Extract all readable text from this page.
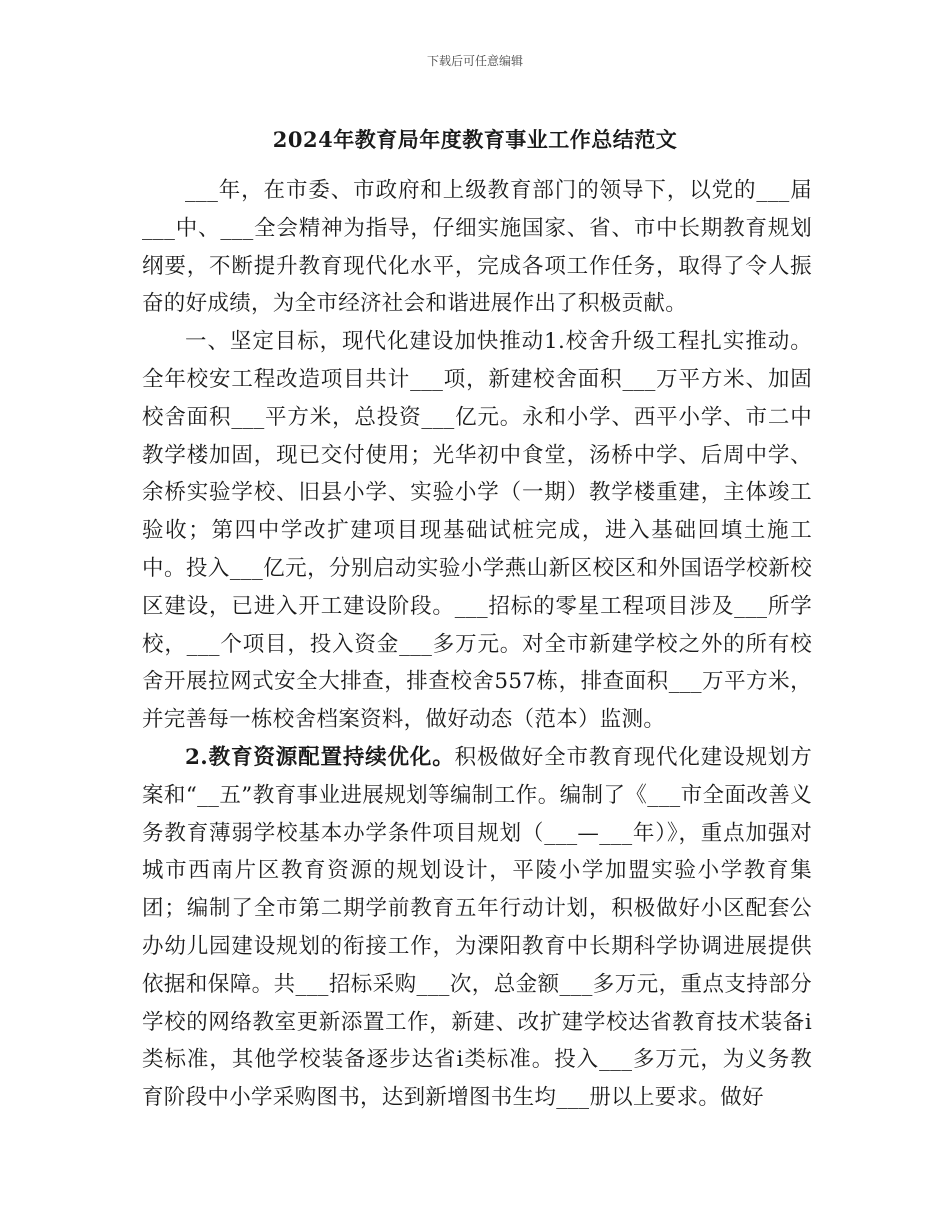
下载后可任意编辑
2024年教育局年度教育事业工作总结范文

___年，在市委、市政府和上级教育部门的领导下，以党的___届___中、___全会精神为指导，仔细实施国家、省、市中长期教育规划纲要，不断提升教育现代化水平，完成各项工作任务，取得了令人振奋的好成绩，为全市经济社会和谐进展作出了积极贡献。

一、坚定目标，现代化建设加快推动1.校舍升级工程扎实推动。全年校安工程改造项目共计___项，新建校舍面积___万平方米、加固校舍面积___平方米，总投资___亿元。永和小学、西平小学、市二中教学楼加固，现已交付使用；光华初中食堂，汤桥中学、后周中学、余桥实验学校、旧县小学、实验小学（一期）教学楼重建，主体竣工验收；第四中学改扩建项目现基础试桩完成，进入基础回填土施工中。投入___亿元，分别启动实验小学燕山新区校区和外国语学校新校区建设，已进入开工建设阶段。___招标的零星工程项目涉及___所学校，___个项目，投入资金___多万元。对全市新建学校之外的所有校舍开展拉网式安全大排查，排查校舍557栋，排查面积___万平方米，并完善每一栋校舍档案资料，做好动态（范本）监测。

2.教育资源配置持续优化。积极做好全市教育现代化建设规划方案和“__五”教育事业进展规划等编制工作。编制了《___市全面改善义务教育薄弱学校基本办学条件项目规划（___—___年）》，重点加强对城市西南片区教育资源的规划设计，平陵小学加盟实验小学教育集团；编制了全市第二期学前教育五年行动计划，积极做好小区配套公办幼儿园建设规划的衔接工作，为溧阳教育中长期科学协调进展提供依据和保障。共___招标采购___次，总金额___多万元，重点支持部分学校的网络教室更新添置工作，新建、改扩建学校达省教育技术装备ⅰ类标准，其他学校装备逐步达省ⅰ类标准。投入___多万元，为义务教育阶段中小学采购图书，达到新增图书生均___册以上要求。做好
